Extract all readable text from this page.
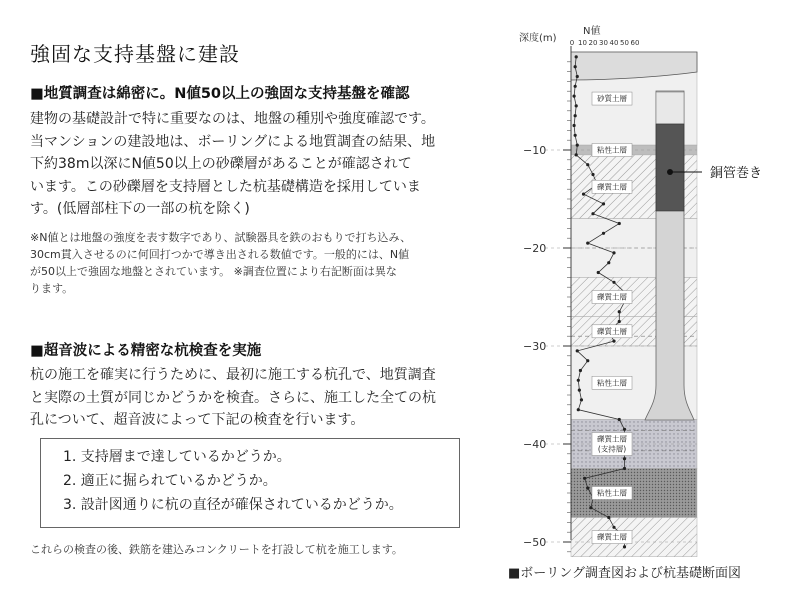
強固な支持基盤に建設
■地質調査は綿密に。N値50以上の強固な支持基盤を確認
建物の基礎設計で特に重要なのは、地盤の種別や強度確認です。
当マンションの建設地は、ボーリングによる地質調査の結果、地
下約38m以深にN値50以上の砂礫層があることが確認されて
います。この砂礫層を支持層とした杭基礎構造を採用していま
す。(低層部柱下の一部の杭を除く)
※N値とは地盤の強度を表す数字であり、試験器具を鉄のおもりで打ち込み、
30cm貫入させるのに何回打つかで導き出される数値です。一般的には、N値
が50以上で強固な地盤とされています。 ※調査位置により右記断面は異な
ります。
■超音波による精密な杭検査を実施
杭の施工を確実に行うために、最初に施工する杭孔で、地質調査
と実際の土質が同じかどうかを検査。さらに、施工した全ての杭
孔について、超音波によって下記の検査を行います。
1. 支持層まで達しているかどうか。
2. 適正に掘られているかどうか。
3. 設計図通りに杭の直径が確保されているかどうか。
これらの検査の後、鉄筋を建込みコンクリートを打設して杭を施工します。
深度(m)
N値
0 10 20 30 40 50 60
−10
−20
−30
−40
−50
銅管巻き
砂質土層
粘性土層
礫質土層
礫質土層
礫質土層
粘性土層
礫質土層(支持層)
粘性土層
礫質土層
■ボーリング調査図および杭基礎断面図
